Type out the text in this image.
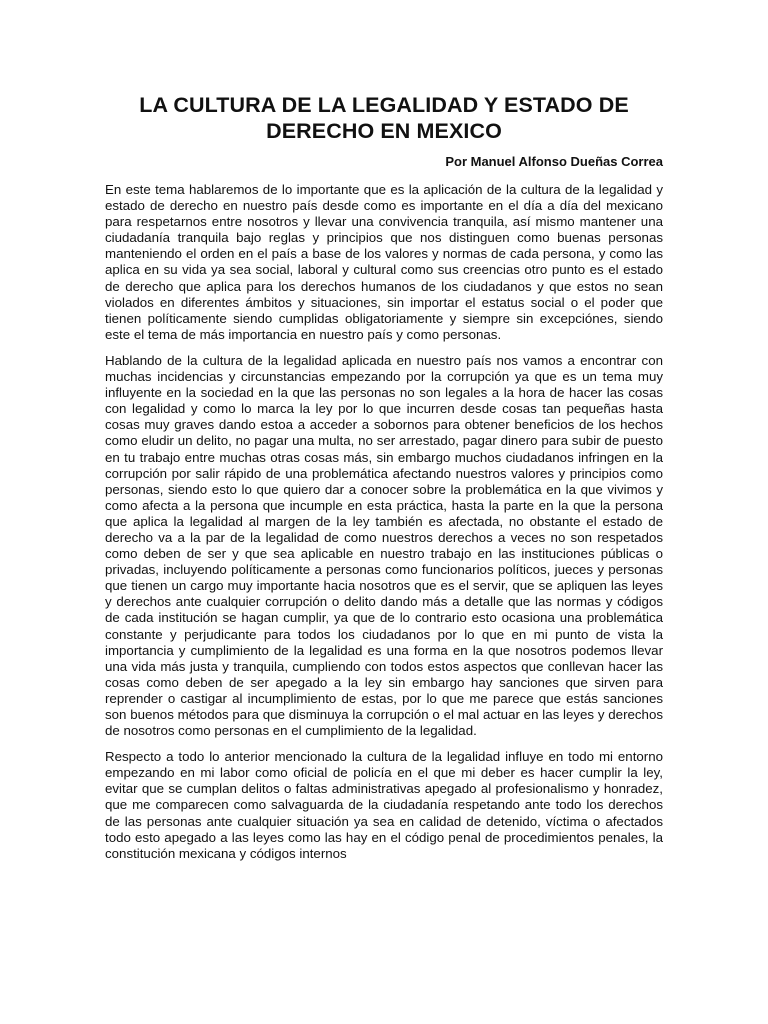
LA CULTURA DE LA LEGALIDAD Y ESTADO DE
DERECHO EN MEXICO

Por Manuel Alfonso Dueñas Correa

En este tema hablaremos de lo importante que es la aplicación de la cultura de la legalidad y estado de derecho en nuestro país desde como es importante en el día a día del mexicano para respetarnos entre nosotros y llevar una convivencia tranquila, así mismo mantener una ciudadanía tranquila bajo reglas y principios que nos distinguen como buenas personas manteniendo el orden en el país a base de los valores y normas de cada persona, y como las aplica en su vida ya sea social, laboral y cultural como sus creencias otro punto es el estado de derecho que aplica para los derechos humanos de los ciudadanos y que estos no sean violados en diferentes ámbitos y situaciones, sin importar el estatus social o el poder que tienen políticamente siendo cumplidas obligatoriamente y siempre sin excepciónes, siendo este el tema de más importancia en nuestro país y como personas.

Hablando de la cultura de la legalidad aplicada en nuestro país nos vamos a encontrar con muchas incidencias y circunstancias empezando por la corrupción ya que es un tema muy influyente en la sociedad en la que las personas no son legales a la hora de hacer las cosas con legalidad y como lo marca la ley por lo que incurren desde cosas tan pequeñas hasta cosas muy graves dando estoa a acceder a sobornos para obtener beneficios de los hechos como eludir un delito, no pagar una multa, no ser arrestado, pagar dinero para subir de puesto en tu trabajo entre muchas otras cosas más, sin embargo muchos ciudadanos infringen en la corrupción por salir rápido de una problemática afectando nuestros valores y principios como personas, siendo esto lo que quiero dar a conocer sobre la problemática en la que vivimos y como afecta a la persona que incumple en esta práctica, hasta la parte en la que la persona que aplica la legalidad al margen de la ley también es afectada, no obstante el estado de derecho va a la par de la legalidad de como nuestros derechos a veces no son respetados como deben de ser y que sea aplicable en nuestro trabajo en las instituciones públicas o privadas, incluyendo políticamente a personas como funcionarios políticos, jueces y personas que tienen un cargo muy importante hacia nosotros que es el servir, que se apliquen las leyes y derechos ante cualquier corrupción o delito dando más a detalle que las normas y códigos de cada institución se hagan cumplir, ya que de lo contrario esto ocasiona una problemática constante y perjudicante para todos los ciudadanos por lo que en mi punto de vista la importancia y cumplimiento de la legalidad es una forma en la que nosotros podemos llevar una vida más justa y tranquila, cumpliendo con todos estos aspectos que conllevan hacer las cosas como deben de ser apegado a la ley sin embargo hay sanciones que sirven para reprender o castigar al incumplimiento de estas, por lo que me parece que estás sanciones son buenos métodos para que disminuya la corrupción o el mal actuar en las leyes y derechos de nosotros como personas en el cumplimiento de la legalidad.

Respecto a todo lo anterior mencionado la cultura de la legalidad influye en todo mi entorno empezando en mi labor como oficial de policía en el que mi deber es hacer cumplir la ley, evitar que se cumplan delitos o faltas administrativas apegado al profesionalismo y honradez, que me comparecen como salvaguarda de la ciudadanía respetando ante todo los derechos de las personas ante cualquier situación ya sea en calidad de detenido, víctima o afectados todo esto apegado a las leyes como las hay en el código penal de procedimientos penales, la constitución mexicana y códigos internos
